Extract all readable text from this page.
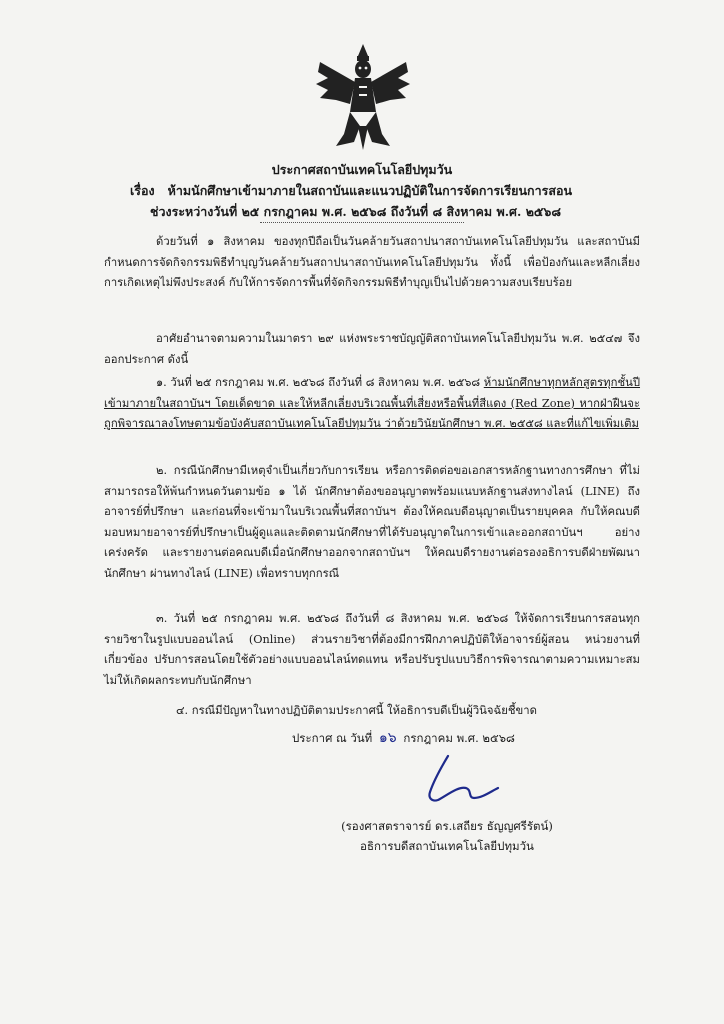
ประกาศสถาบันเทคโนโลยีปทุมวัน
เรื่อง ห้ามนักศึกษาเข้ามาภายในสถาบันและแนวปฏิบัติในการจัดการเรียนการสอน
ช่วงระหว่างวันที่ ๒๕ กรกฎาคม พ.ศ. ๒๕๖๘ ถึงวันที่ ๘ สิงหาคม พ.ศ. ๒๕๖๘
ด้วยวันที่ ๑ สิงหาคม ของทุกปีถือเป็นวันคล้ายวันสถาปนาสถาบันเทคโนโลยีปทุมวัน และสถาบันมีกำหนดการจัดกิจกรรมพิธีทำบุญวันคล้ายวันสถาปนาสถาบันเทคโนโลยีปทุมวัน ทั้งนี้ เพื่อป้องกันและหลีกเลี่ยงการเกิดเหตุไม่พึงประสงค์ กับให้การจัดการพื้นที่จัดกิจกรรมพิธีทำบุญเป็นไปด้วยความสงบเรียบร้อย
อาศัยอำนาจตามความในมาตรา ๒๙ แห่งพระราชบัญญัติสถาบันเทคโนโลยีปทุมวัน พ.ศ. ๒๕๔๗ จึงออกประกาศ ดังนี้
๑. วันที่ ๒๕ กรกฎาคม พ.ศ. ๒๕๖๘ ถึงวันที่ ๘ สิงหาคม พ.ศ. ๒๕๖๘ ห้ามนักศึกษาทุกหลักสูตรทุกชั้นปี เข้ามาภายในสถาบันฯ โดยเด็ดขาด และให้หลีกเลี่ยงบริเวณพื้นที่เสี่ยงหรือพื้นที่สีแดง (Red Zone) หากฝ่าฝืนจะถูกพิจารณาลงโทษตามข้อบังคับสถาบันเทคโนโลยีปทุมวัน ว่าด้วยวินัยนักศึกษา พ.ศ. ๒๕๕๘ และที่แก้ไขเพิ่มเติม
๒. กรณีนักศึกษามีเหตุจำเป็นเกี่ยวกับการเรียน หรือการติดต่อขอเอกสารหลักฐานทางการศึกษา ที่ไม่สามารถรอให้พ้นกำหนดวันตามข้อ ๑ ได้ นักศึกษาต้องขออนุญาตพร้อมแนบหลักฐานส่งทางไลน์ (LINE) ถึงอาจารย์ที่ปรึกษา และก่อนที่จะเข้ามาในบริเวณพื้นที่สถาบันฯ ต้องให้คณบดีอนุญาตเป็นรายบุคคล กับให้คณบดีมอบหมายอาจารย์ที่ปรึกษาเป็นผู้ดูแลและติดตามนักศึกษาที่ได้รับอนุญาตในการเข้าและออกสถาบันฯ อย่างเคร่งครัด และรายงานต่อคณบดีเมื่อนักศึกษาออกจากสถาบันฯ ให้คณบดีรายงานต่อรองอธิการบดีฝ่ายพัฒนานักศึกษา ผ่านทางไลน์ (LINE) เพื่อทราบทุกกรณี
๓. วันที่ ๒๕ กรกฎาคม พ.ศ. ๒๕๖๘ ถึงวันที่ ๘ สิงหาคม พ.ศ. ๒๕๖๘ ให้จัดการเรียนการสอนทุกรายวิชาในรูปแบบออนไลน์ (Online) ส่วนรายวิชาที่ต้องมีการฝึกภาคปฏิบัติให้อาจารย์ผู้สอน หน่วยงานที่เกี่ยวข้อง ปรับการสอนโดยใช้ตัวอย่างแบบออนไลน์ทดแทน หรือปรับรูปแบบวิธีการพิจารณาตามความเหมาะสมไม่ให้เกิดผลกระทบกับนักศึกษา
๔. กรณีมีปัญหาในทางปฏิบัติตามประกาศนี้ ให้อธิการบดีเป็นผู้วินิจฉัยชี้ขาด
ประกาศ ณ วันที่ ๑๖ กรกฎาคม พ.ศ. ๒๕๖๘
(รองศาสตราจารย์ ดร.เสถียร ธัญญศรีรัตน์)
อธิการบดีสถาบันเทคโนโลยีปทุมวัน
